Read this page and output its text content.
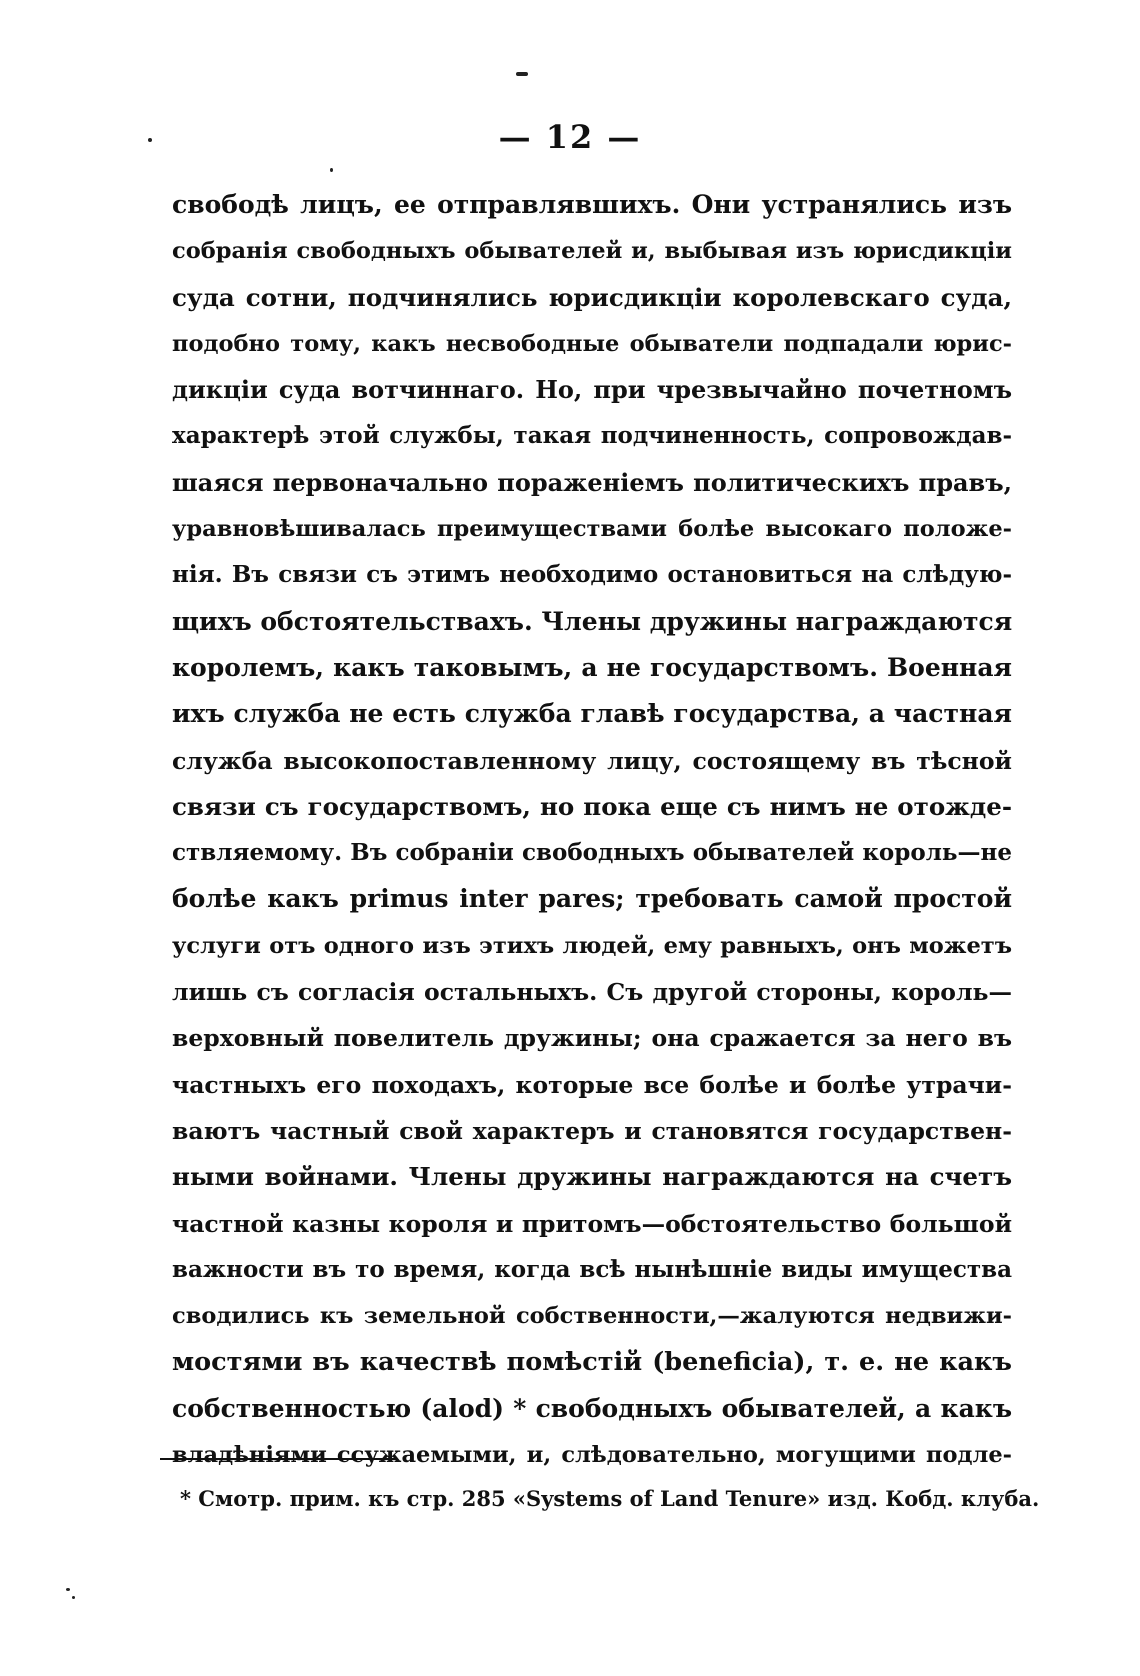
— 12 —
свободѣ лицъ, ее отправлявшихъ. Они устранялись изъ
собранія свободныхъ обывателей и, выбывая изъ юрисдикціи
суда сотни, подчинялись юрисдикціи королевскаго суда,
подобно тому, какъ несвободные обыватели подпадали юрис-
дикціи суда вотчиннаго. Но, при чрезвычайно почетномъ
характерѣ этой службы, такая подчиненность, сопровождав-
шаяся первоначально пораженіемъ политическихъ правъ,
уравновѣшивалась преимуществами болѣе высокаго положе-
нія. Въ связи съ этимъ необходимо остановиться на слѣдую-
щихъ обстоятельствахъ. Члены дружины награждаются
королемъ, какъ таковымъ, а не государствомъ. Военная
ихъ служба не есть служба главѣ государства, а частная
служба высокопоставленному лицу, состоящему въ тѣсной
связи съ государствомъ, но пока еще съ нимъ не отожде-
ствляемому. Въ собраніи свободныхъ обывателей король—не
болѣе какъ primus inter pares; требовать самой простой
услуги отъ одного изъ этихъ людей, ему равныхъ, онъ можетъ
лишь съ согласія остальныхъ. Съ другой стороны, король—
верховный повелитель дружины; она сражается за него въ
частныхъ его походахъ, которые все болѣе и болѣе утрачи-
ваютъ частный свой характеръ и становятся государствен-
ными войнами. Члены дружины награждаются на счетъ
частной казны короля и притомъ—обстоятельство большой
важности въ то время, когда всѣ нынѣшніе виды имущества
сводились къ земельной собственности,—жалуются недвижи-
мостями въ качествѣ помѣстій (beneficia), т. е. не какъ
собственностью (alod) * свободныхъ обывателей, а какъ
владѣніями ссужаемыми, и, слѣдовательно, могущими подле-
* Смотр. прим. къ стр. 285 «Systems of Land Tenure» изд. Кобд. клуба.
